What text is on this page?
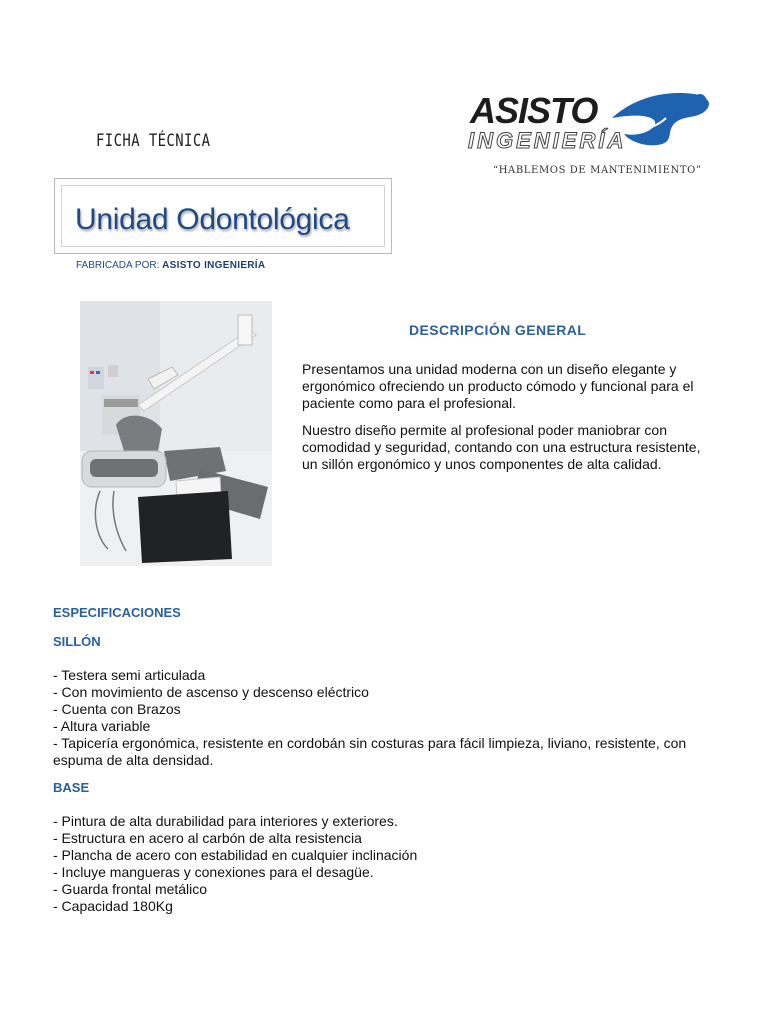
FICHA TÉCNICA
ASISTO
INGENIERÍA
“HABLEMOS DE MANTENIMIENTO”
Unidad Odontológica
FABRICADA POR: ASISTO INGENIERÍA
DESCRIPCIÓN GENERAL

Presentamos una unidad moderna con un diseño elegante y ergonómico ofreciendo un producto cómodo y funcional para el paciente como para el profesional.

Nuestro diseño permite al profesional poder maniobrar con comodidad y seguridad, contando con una estructura resistente, un sillón ergonómico y unos componentes de alta calidad.

ESPECIFICACIONES
SILLÓN
- Testera semi articulada
- Con movimiento de ascenso y descenso eléctrico
- Cuenta con Brazos
- Altura variable
- Tapicería ergonómica, resistente en cordobán sin costuras para fácil limpieza, liviano, resistente, con espuma de alta densidad.
BASE
- Pintura de alta durabilidad para interiores y exteriores.
- Estructura en acero al carbón de alta resistencia
- Plancha de acero con estabilidad en cualquier inclinación
- Incluye mangueras y conexiones para el desagüe.
- Guarda frontal metálico
- Capacidad 180Kg
